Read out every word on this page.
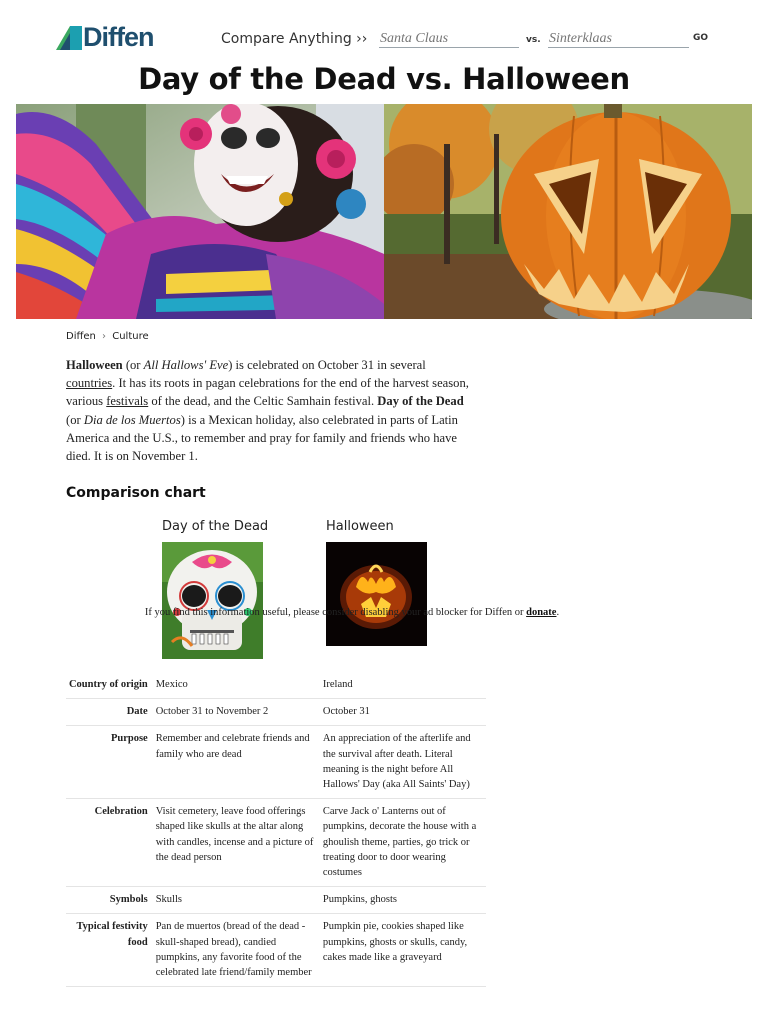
Diffen	Compare Anything ››
Santa Claus	vs.
Sinterklaas	GO
Day of the Dead vs. Halloween
Diffen › Culture

Halloween (or All Hallows' Eve) is celebrated on October 31 in several countries. It has its roots in pagan celebrations for the end of the harvest season, various festivals of the dead, and the Celtic Samhain festival. Day of the Dead (or Dia de los Muertos) is a Mexican holiday, also celebrated in parts of Latin America and the U.S., to remember and pray for family and friends who have died. It is on November 1.

Comparison chart
Day of the Dead	Halloween
If you find this information useful, please consider disabling your ad blocker for Diffen or donate.
Country of origin	Mexico	Ireland
Date	October 31 to November 2	October 31
Purpose	Remember and celebrate friends and family who are dead	An appreciation of the afterlife and the survival after death. Literal meaning is the night before All Hallows' Day (aka All Saints' Day)
Celebration	Visit cemetery, leave food offerings shaped like skulls at the altar along with candles, incense and a picture of the dead person	Carve Jack o' Lanterns out of pumpkins, decorate the house with a ghoulish theme, parties, go trick or treating door to door wearing costumes
Symbols	Skulls	Pumpkins, ghosts
Typical festivity food	Pan de muertos (bread of the dead - skull-shaped bread), candied pumpkins, any favorite food of the celebrated late friend/family member	Pumpkin pie, cookies shaped like pumpkins, ghosts or skulls, candy, cakes made like a graveyard
